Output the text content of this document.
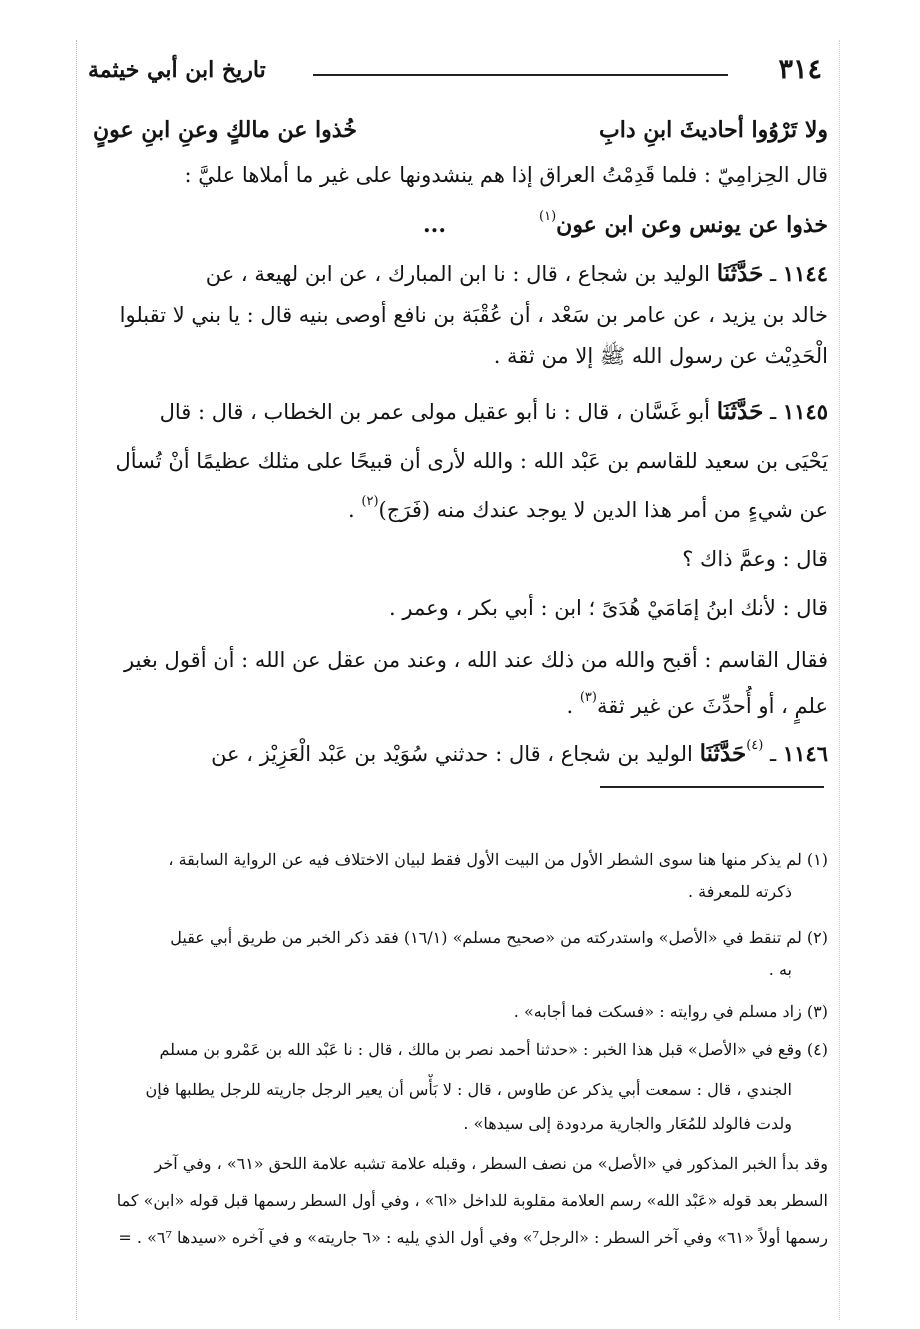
٣١٤
تاريخ ابن أبي خيثمة
خُذوا عن مالكٍ وعنِ ابنِ عونٍ	ولا تَرْوُوا أحاديثَ ابنِ دابِ
قال الحِزامِيّ : فلما قَدِمْتُ العراق إذا هم ينشدونها على غير ما أملاها عليَّ :
خذوا عن يونس وعن ابن عون$^{(١)}$
...
١١٤٤ ـ حَدَّثَنَا الوليد بن شجاع ، قال : نا ابن المبارك ، عن ابن لهيعة ، عن
خالد بن يزيد ، عن عامر بن سَعْد ، أن عُقْبَة بن نافع أوصى بنيه قال : يا بني لا تقبلوا
الْحَدِيْث عن رسول الله ﷺ إلا من ثقة .
١١٤٥ ـ حَدَّثَنَا أبو غَسَّان ، قال : نا أبو عقيل مولى عمر بن الخطاب ، قال : قال
يَحْيَى بن سعيد للقاسم بن عَبْد الله : والله لأرى أن قبيحًا على مثلك عظيمًا أنْ تُسأل
عن شيءٍ من أمر هذا الدين لا يوجد عندك منه (فَرَج)$^{(٢)}$ .
قال : وعمَّ ذاك ؟
قال : لأنك ابنُ إمَامَيْ هُدَىً ؛ ابن : أبي بكر ، وعمر .
فقال القاسم : أقبح والله من ذلك عند الله ، وعند من عقل عن الله : أن أقول بغير
علمٍ ، أو أُحدِّثَ عن غير ثقة$^{(٣)}$ .
١١٤٦ ـ $^{(٤)}$حَدَّثَنَا الوليد بن شجاع ، قال : حدثني سُوَيْد بن عَبْد الْعَزِيْز ، عن
(١) لم يذكر منها هنا سوى الشطر الأول من البيت الأول فقط لبيان الاختلاف فيه عن الرواية السابقة ،
ذكرته للمعرفة .
(٢) لم تنقط في «الأصل» واستدركته من «صحيح مسلم» (١٦/١) فقد ذكر الخبر من طريق أبي عقيل
به .
(٣) زاد مسلم في روايته : «فسكت فما أجابه» .
(٤) وقع في «الأصل» قبل هذا الخبر : «حدثنا أحمد نصر بن مالك ، قال : نا عَبْد الله بن عَمْرو بن مسلم
الجندي ، قال : سمعت أبي يذكر عن طاوس ، قال : لا بَأْس أن يعير الرجل جاريته للرجل يطلبها فإن
ولدت فالولد للمُعَار والجارية مردودة إلى سيدها» .
وقد بدأ الخبر المذكور في «الأصل» من نصف السطر ، وقبله علامة تشبه علامة اللحق «٦١» ، وفي آخر
السطر بعد قوله «عَبْد الله» رسم العلامة مقلوبة للداخل «ا٦» ، وفي أول السطر رسمها قبل قوله «ابن» كما
رسمها أولاً «٦١» وفي آخر السطر : «الرجل⁷» وفي أول الذي يليه : «٦ جاريته» و في آخره «سيدها ٦⁷» . =
